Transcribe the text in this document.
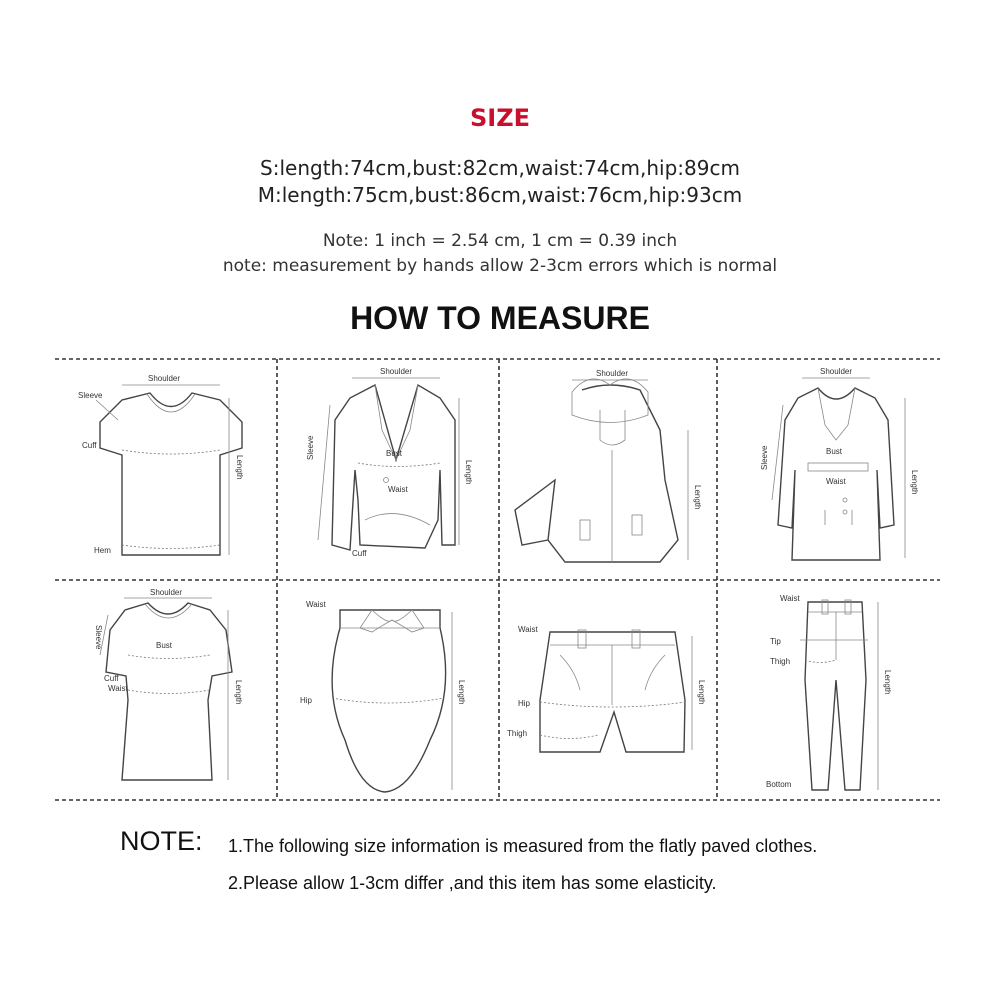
SIZE
S:length:74cm,bust:82cm,waist:74cm,hip:89cm
M:length:75cm,bust:86cm,waist:76cm,hip:93cm
Note: 1 inch = 2.54 cm, 1 cm = 0.39 inch
note: measurement by hands allow 2-3cm errors which is normal
HOW TO MEASURE
Shoulder
Sleeve
Cuff
Hem
Length
Shoulder
Bust
Waist
Cuff
Sleeve
Length
Shoulder
Length
Shoulder
Bust
Waist
Sleeve
Length
Shoulder
Bust
Cuff
Waist
Sleeve
Length
Waist
Hip	Length
Waist
Hip
Thigh
Length
Waist
Tip
Thigh
Bottom
Length
NOTE: 1.The following size information is measured from the flatly paved clothes.
2.Please allow 1-3cm differ ,and this item has some elasticity.
